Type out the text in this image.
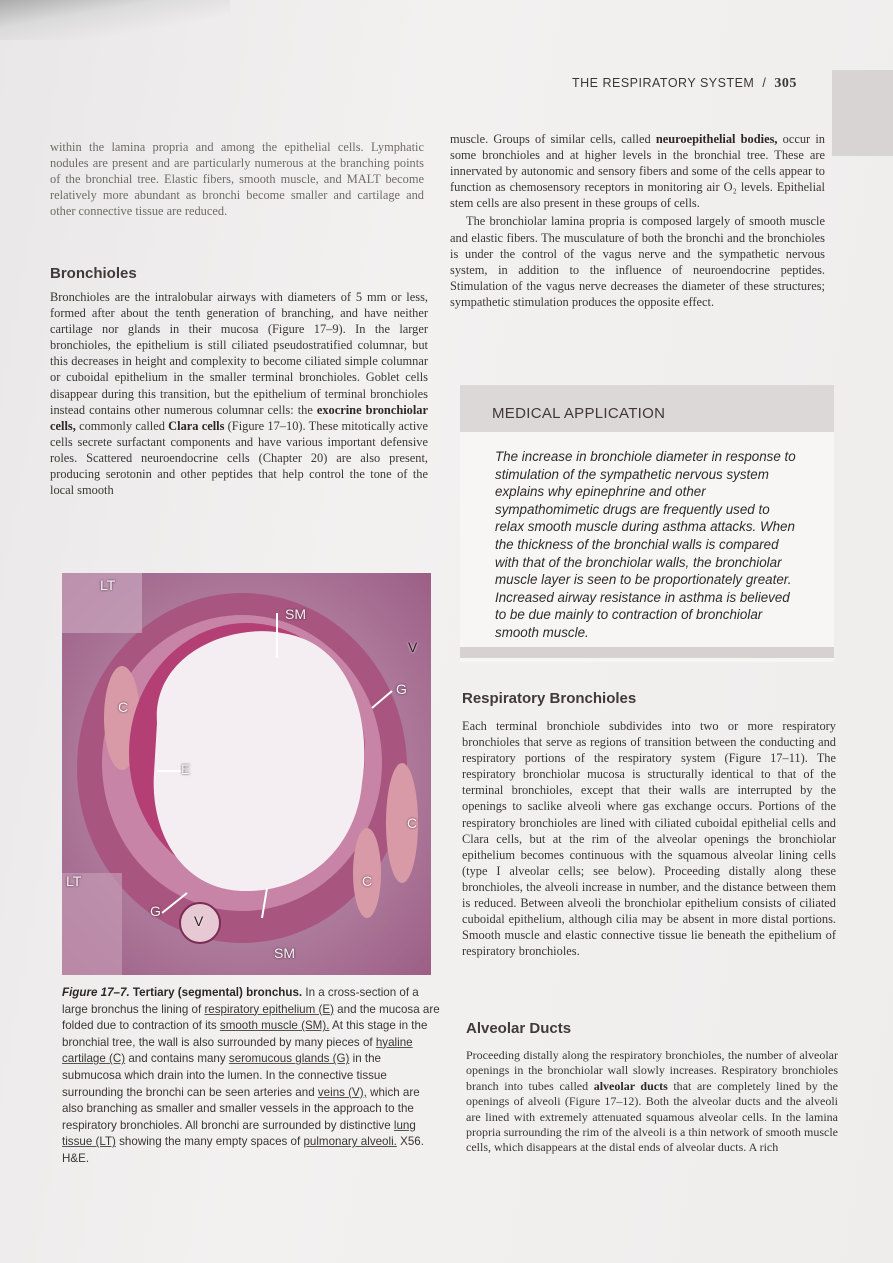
THE RESPIRATORY SYSTEM / 305
within the lamina propria and among the epithelial cells. Lymphatic nodules are present and are particularly numerous at the branching points of the bronchial tree. Elastic fibers, smooth muscle, and MALT become relatively more abundant as bronchi become smaller and cartilage and other connective tissue are reduced.
Bronchioles
Bronchioles are the intralobular airways with diameters of 5 mm or less, formed after about the tenth generation of branching, and have neither cartilage nor glands in their mucosa (Figure 17–9). In the larger bronchioles, the epithelium is still ciliated pseudostratified columnar, but this decreases in height and complexity to become ciliated simple columnar or cuboidal epithelium in the smaller terminal bronchioles. Goblet cells disappear during this transition, but the epithelium of terminal bronchioles instead contains other numerous columnar cells: the exocrine bronchiolar cells, commonly called Clara cells (Figure 17–10). These mitotically active cells secrete surfactant components and have various important defensive roles. Scattered neuroendocrine cells (Chapter 20) are also present, producing serotonin and other peptides that help control the tone of the local smooth
muscle. Groups of similar cells, called neuroepithelial bodies, occur in some bronchioles and at higher levels in the bronchial tree. These are innervated by autonomic and sensory fibers and some of the cells appear to function as chemosensory receptors in monitoring air O₂ levels. Epithelial stem cells are also present in these groups of cells.
The bronchiolar lamina propria is composed largely of smooth muscle and elastic fibers. The musculature of both the bronchi and the bronchioles is under the control of the vagus nerve and the sympathetic nervous system, in addition to the influence of neuroendocrine peptides. Stimulation of the vagus nerve decreases the diameter of these structures; sympathetic stimulation produces the opposite effect.
MEDICAL APPLICATION
The increase in bronchiole diameter in response to stimulation of the sympathetic nervous system explains why epinephrine and other sympathomimetic drugs are frequently used to relax smooth muscle during asthma attacks. When the thickness of the bronchial walls is compared with that of the bronchiolar walls, the bronchiolar muscle layer is seen to be proportionately greater. Increased airway resistance in asthma is believed to be due mainly to contraction of bronchiolar smooth muscle.
Respiratory Bronchioles
Each terminal bronchiole subdivides into two or more respiratory bronchioles that serve as regions of transition between the conducting and respiratory portions of the respiratory system (Figure 17–11). The respiratory bronchiolar mucosa is structurally identical to that of the terminal bronchioles, except that their walls are interrupted by the openings to saclike alveoli where gas exchange occurs. Portions of the respiratory bronchioles are lined with ciliated cuboidal epithelial cells and Clara cells, but at the rim of the alveolar openings the bronchiolar epithelium becomes continuous with the squamous alveolar lining cells (type I alveolar cells; see below). Proceeding distally along these bronchioles, the alveoli increase in number, and the distance between them is reduced. Between alveoli the bronchiolar epithelium consists of ciliated cuboidal epithelium, although cilia may be absent in more distal portions. Smooth muscle and elastic connective tissue lie beneath the epithelium of respiratory bronchioles.
Alveolar Ducts
Proceeding distally along the respiratory bronchioles, the number of alveolar openings in the bronchiolar wall slowly increases. Respiratory bronchioles branch into tubes called alveolar ducts that are completely lined by the openings of alveoli (Figure 17–12). Both the alveolar ducts and the alveoli are lined with extremely attenuated squamous alveolar cells. In the lamina propria surrounding the rim of the alveoli is a thin network of smooth muscle cells, which disappears at the distal ends of alveolar ducts. A rich
LT
LT
SM
SM
V
V
G
G
C
C
C
E
Figure 17–7. Tertiary (segmental) bronchus. In a cross-section of a large bronchus the lining of respiratory epithelium (E) and the mucosa are folded due to contraction of its smooth muscle (SM). At this stage in the bronchial tree, the wall is also surrounded by many pieces of hyaline cartilage (C) and contains many seromucous glands (G) in the submucosa which drain into the lumen. In the connective tissue surrounding the bronchi can be seen arteries and veins (V), which are also branching as smaller and smaller vessels in the approach to the respiratory bronchioles. All bronchi are surrounded by distinctive lung tissue (LT) showing the many empty spaces of pulmonary alveoli. X56. H&E.
